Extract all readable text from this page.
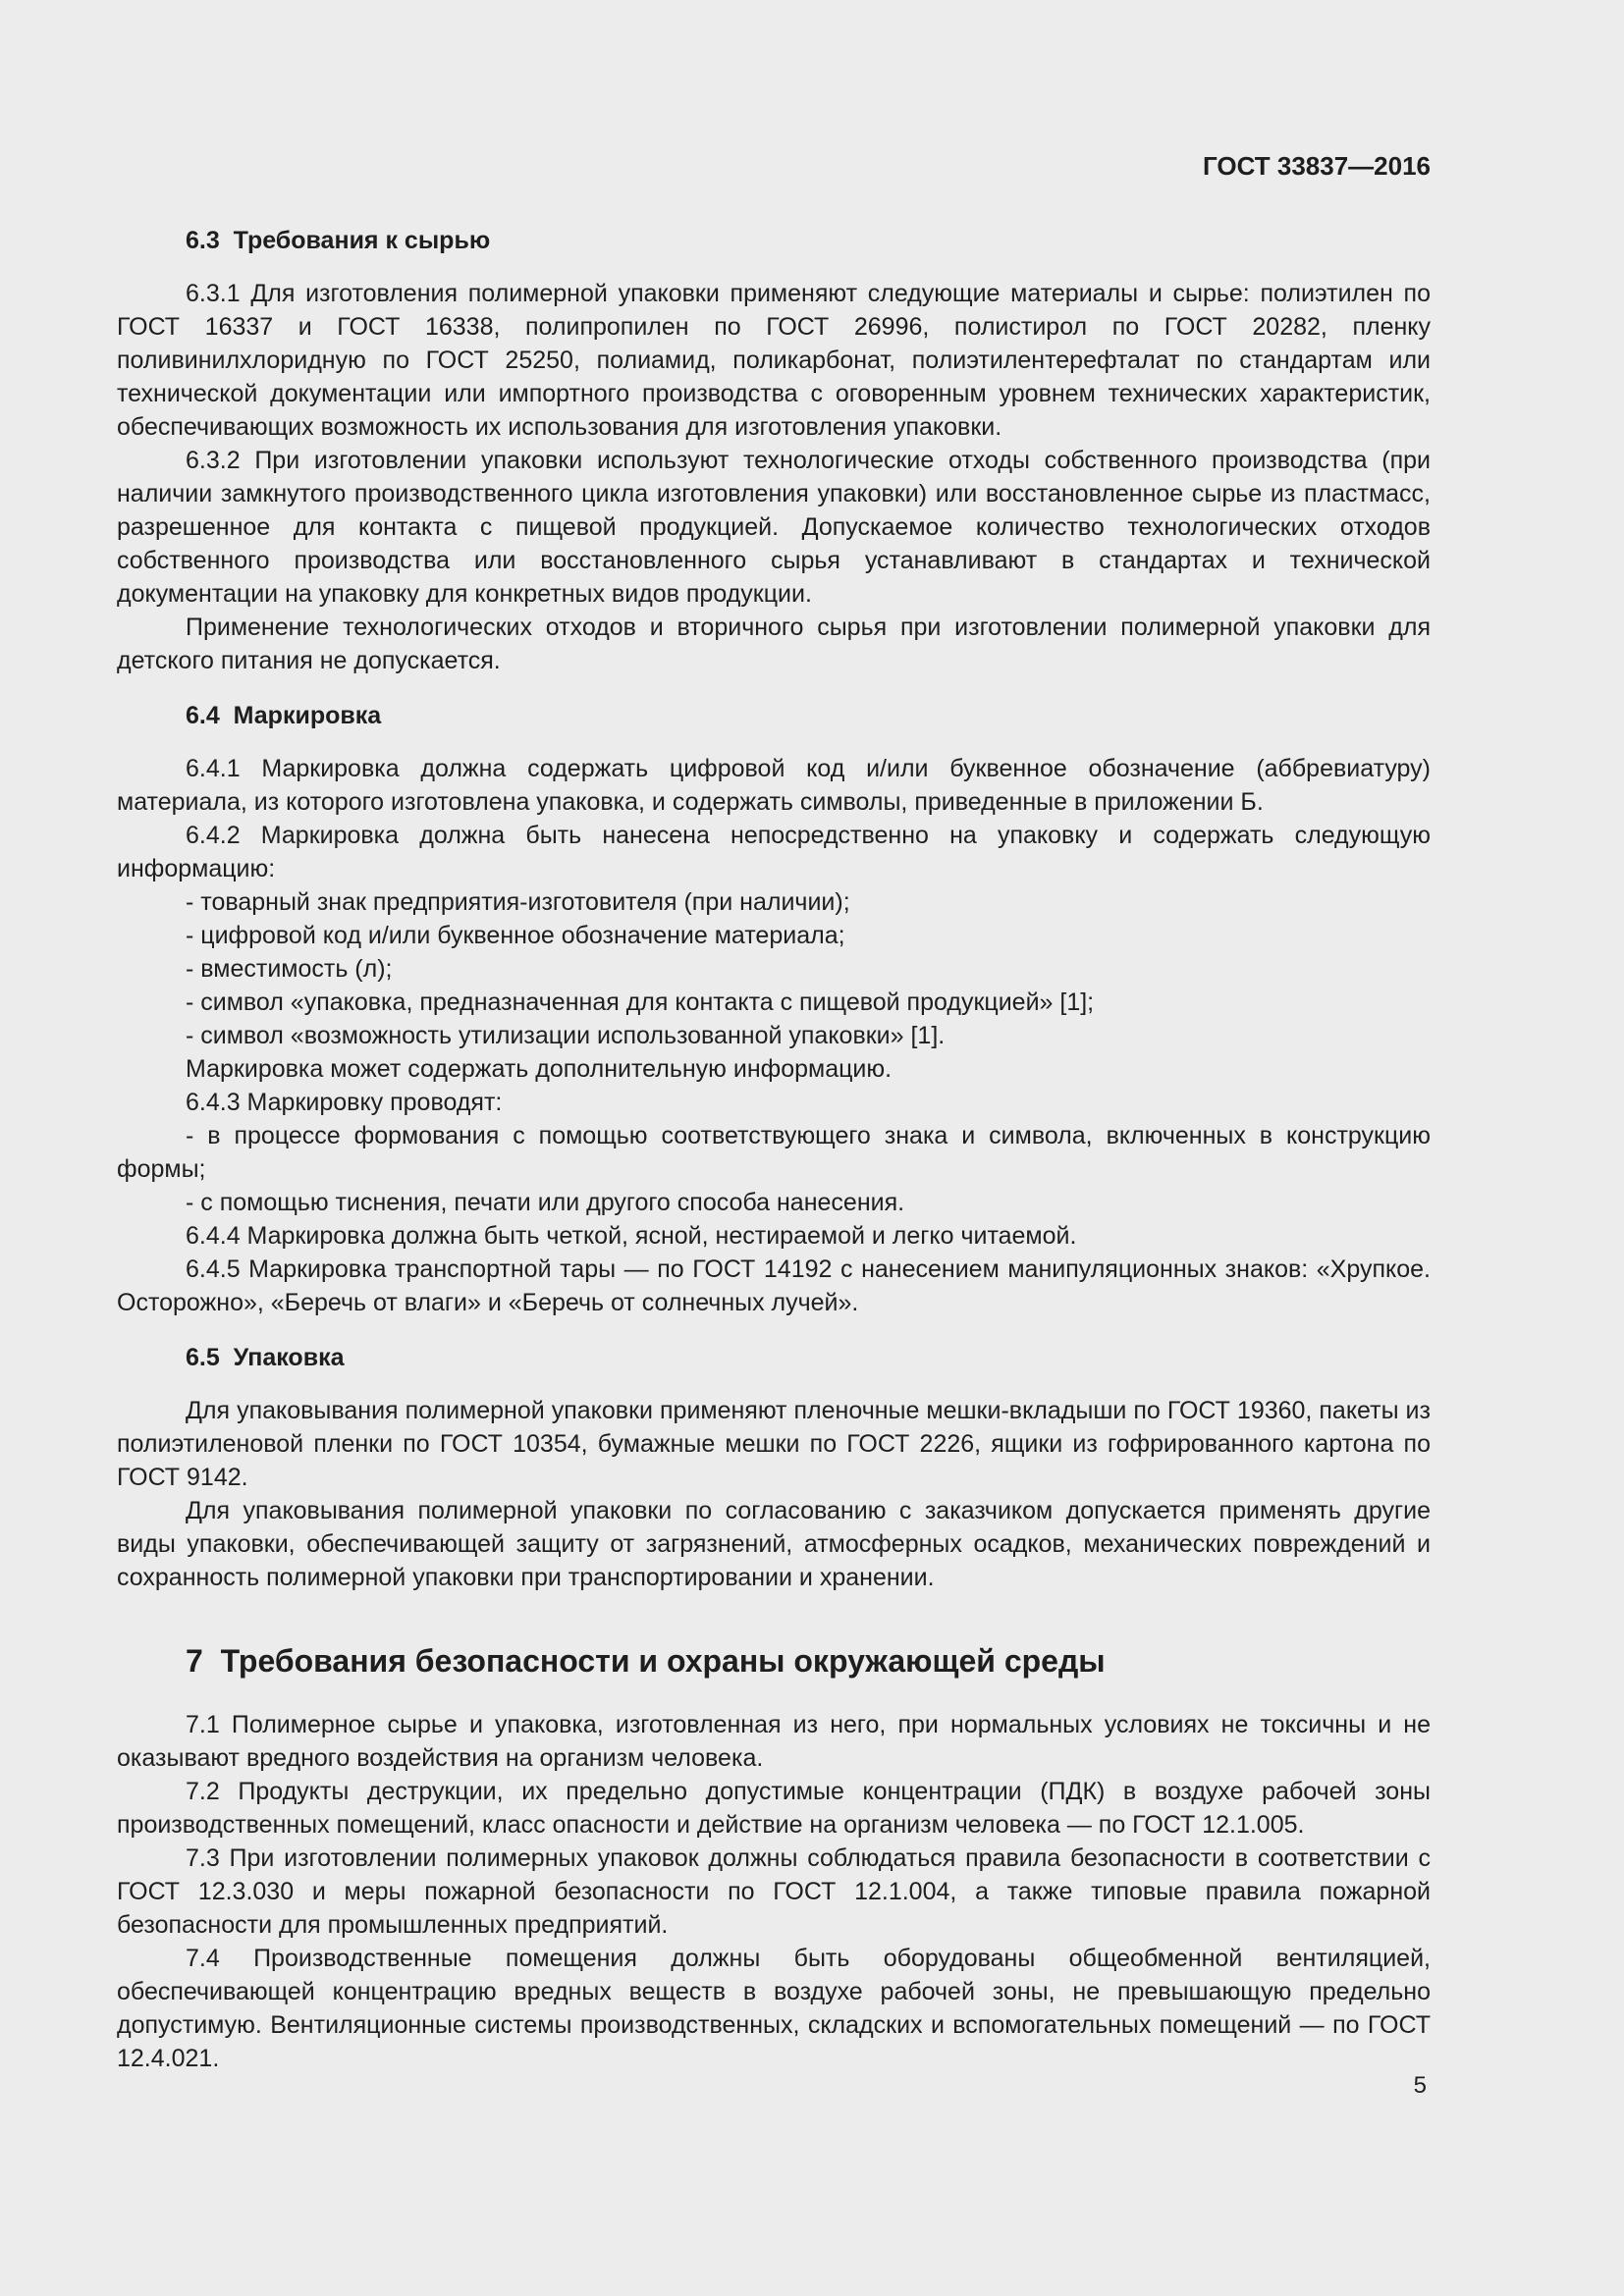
ГОСТ 33837—2016
6.3  Требования к сырью

6.3.1 Для изготовления полимерной упаковки применяют следующие материалы и сырье: полиэтилен по ГОСТ 16337 и ГОСТ 16338, полипропилен по ГОСТ 26996, полистирол по ГОСТ 20282, пленку поливинилхлоридную по ГОСТ 25250, полиамид, поликарбонат, полиэтилентерефталат по стандартам или технической документации или импортного производства с оговоренным уровнем технических характеристик, обеспечивающих возможность их использования для изготовления упаковки.

6.3.2 При изготовлении упаковки используют технологические отходы собственного производства (при наличии замкнутого производственного цикла изготовления упаковки) или восстановленное сырье из пластмасс, разрешенное для контакта с пищевой продукцией. Допускаемое количество технологических отходов собственного производства или восстановленного сырья устанавливают в стандартах и технической документации на упаковку для конкретных видов продукции.

Применение технологических отходов и вторичного сырья при изготовлении полимерной упаковки для детского питания не допускается.

6.4  Маркировка

6.4.1 Маркировка должна содержать цифровой код и/или буквенное обозначение (аббревиатуру) материала, из которого изготовлена упаковка, и содержать символы, приведенные в приложении Б.

6.4.2 Маркировка должна быть нанесена непосредственно на упаковку и содержать следующую информацию:

- товарный знак предприятия-изготовителя (при наличии);

- цифровой код и/или буквенное обозначение материала;

- вместимость (л);

- символ «упаковка, предназначенная для контакта с пищевой продукцией» [1];

- символ «возможность утилизации использованной упаковки» [1].

Маркировка может содержать дополнительную информацию.

6.4.3 Маркировку проводят:

- в процессе формования с помощью соответствующего знака и символа, включенных в конструкцию формы;

- с помощью тиснения, печати или другого способа нанесения.

6.4.4 Маркировка должна быть четкой, ясной, нестираемой и легко читаемой.

6.4.5 Маркировка транспортной тары — по ГОСТ 14192 с нанесением манипуляционных знаков: «Хрупкое. Осторожно», «Беречь от влаги» и «Беречь от солнечных лучей».

6.5  Упаковка

Для упаковывания полимерной упаковки применяют пленочные мешки-вкладыши по ГОСТ 19360, пакеты из полиэтиленовой пленки по ГОСТ 10354, бумажные мешки по ГОСТ 2226, ящики из гофрированного картона по ГОСТ 9142.

Для упаковывания полимерной упаковки по согласованию с заказчиком допускается применять другие виды упаковки, обеспечивающей защиту от загрязнений, атмосферных осадков, механических повреждений и сохранность полимерной упаковки при транспортировании и хранении.

7  Требования безопасности и охраны окружающей среды

7.1 Полимерное сырье и упаковка, изготовленная из него, при нормальных условиях не токсичны и не оказывают вредного воздействия на организм человека.

7.2 Продукты деструкции, их предельно допустимые концентрации (ПДК) в воздухе рабочей зоны производственных помещений, класс опасности и действие на организм человека — по ГОСТ 12.1.005.

7.3 При изготовлении полимерных упаковок должны соблюдаться правила безопасности в соответствии с ГОСТ 12.3.030 и меры пожарной безопасности по ГОСТ 12.1.004, а также типовые правила пожарной безопасности для промышленных предприятий.

7.4 Производственные помещения должны быть оборудованы общеобменной вентиляцией, обеспечивающей концентрацию вредных веществ в воздухе рабочей зоны, не превышающую предельно допустимую. Вентиляционные системы производственных, складских и вспомогательных помещений — по ГОСТ 12.4.021.

5
